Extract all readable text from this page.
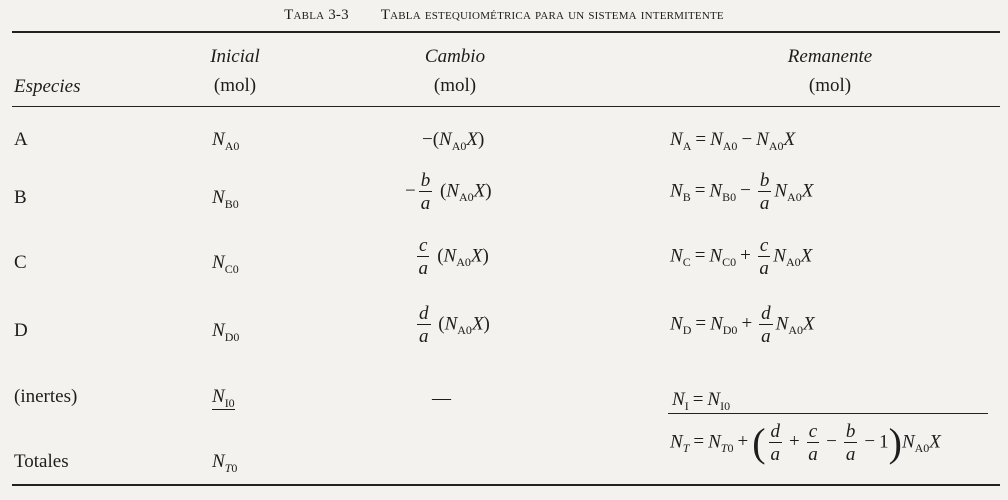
Tabla 3-3 Tabla estequiométrica para un sistema intermitente
Especies
Inicial
(mol)
Cambio
(mol)
Remanente
(mol)
A
B
C
D
(inertes)
Totales
$N_{A0}$
$N_{B0}$
$N_{C0}$
$N_{D0}$
$N_{I0}$
$N_{T0}$
$-(N_{A0}X)$
− $\frac{b}{a} (N_{A0}X)$
$\frac{c}{a} (N_{A0}X)$
$\frac{d}{a} (N_{A0}X)$
—
$N_A = N_{A0} - N_{A0}X$
$N_B = N_{B0} - \frac{b}{a} N_{A0}X$
$N_C = N_{C0} + \frac{c}{a} N_{A0}X$
$N_D = N_{D0} + \frac{d}{a} N_{A0}X$
$N_I = N_{I0}$
$N_T = N_{T0}$ + ( $\frac{d}{a} + \frac{c}{a} - \frac{b}{a} - 1)N_{A0}X$
